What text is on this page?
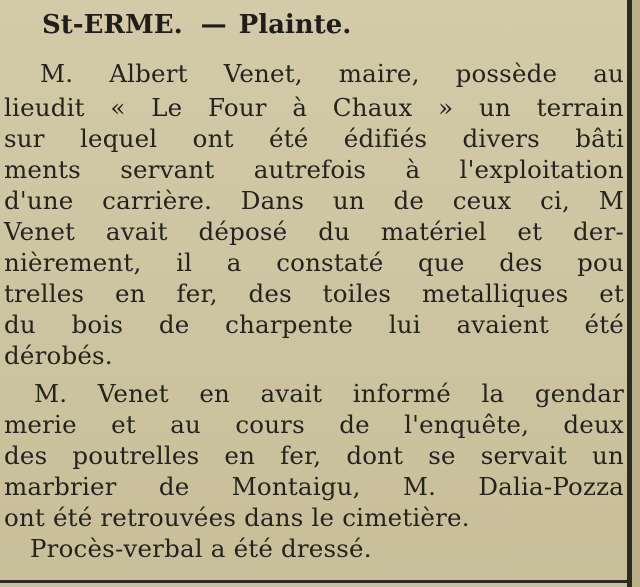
St-ERME. — Plainte.
M. Albert Venet, maire, possède au
lieudit « Le Four à Chaux » un terrain
sur lequel ont été édifiés divers bâti
ments servant autrefois à l'exploitation
d'une carrière. Dans un de ceux ci, M
Venet avait déposé du matériel et der-
nièrement, il a constaté que des pou
trelles en fer, des toiles metalliques et
du bois de charpente lui avaient été
dérobés.
M. Venet en avait informé la gendar
merie et au cours de l'enquête, deux
des poutrelles en fer, dont se servait un
marbrier de Montaigu, M. Dalia-Pozza
ont été retrouvées dans le cimetière.
Procès-verbal a été dressé.
